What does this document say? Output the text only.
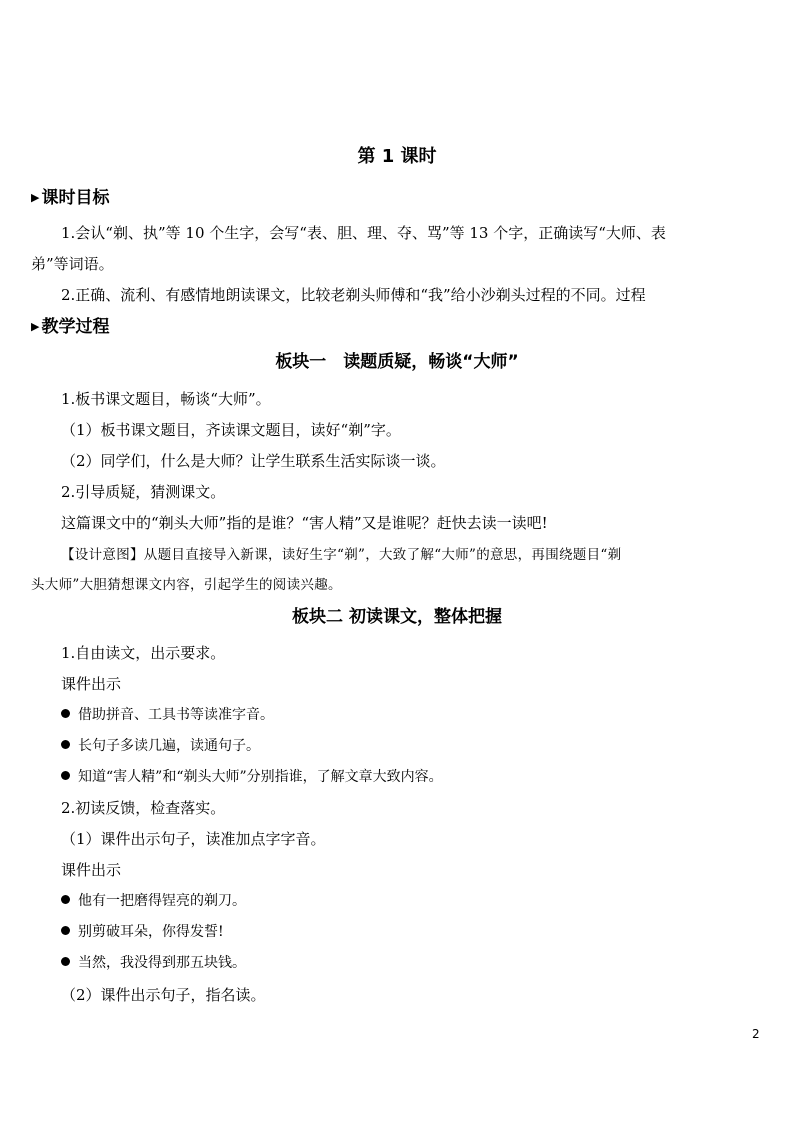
第 1 课时
▶ 课时目标
1.会认“剃、执”等 10 个生字，会写“表、胆、理、夺、骂”等 13 个字，正确读写“大师、表
弟”等词语。
2.正确、流利、有感情地朗读课文，比较老剃头师傅和“我”给小沙剃头过程的不同。过程
▶ 教学过程
板块一　读题质疑，畅谈“大师”
1.板书课文题目，畅谈“大师”。
（1）板书课文题目，齐读课文题目，读好“剃”字。
（2）同学们，什么是大师？让学生联系生活实际谈一谈。
2.引导质疑，猜测课文。
这篇课文中的“剃头大师”指的是谁？“害人精”又是谁呢？赶快去读一读吧!
【设计意图】从题目直接导入新课，读好生字“剃”，大致了解“大师”的意思，再围绕题目“剃
头大师”大胆猜想课文内容，引起学生的阅读兴趣。
板块二 初读课文，整体把握
1.自由读文，出示要求。
课件出示
借助拼音、工具书等读准字音。
长句子多读几遍，读通句子。
知道“害人精”和“剃头大师”分别指谁，了解文章大致内容。
2.初读反馈，检查落实。
（1）课件出示句子，读准加点字字音。
课件出示
他有一把磨得锃亮的剃刀。
别剪破耳朵，你得发誓!
当然，我没得到那五块钱。
（2）课件出示句子，指名读。
2
